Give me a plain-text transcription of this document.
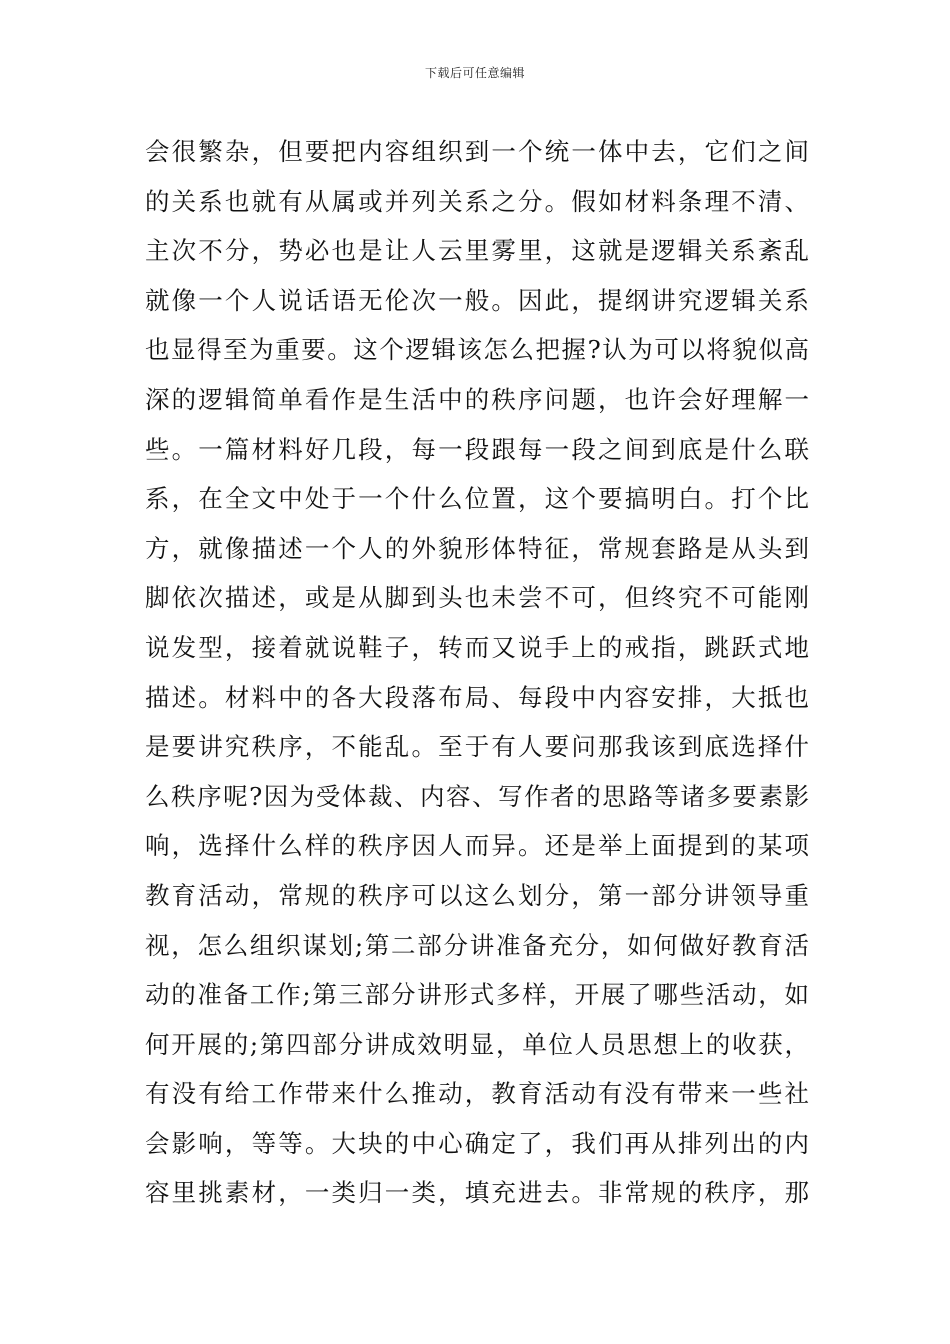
下载后可任意编辑
会很繁杂，但要把内容组织到一个统一体中去，它们之间
的关系也就有从属或并列关系之分。假如材料条理不清、
主次不分，势必也是让人云里雾里，这就是逻辑关系紊乱
就像一个人说话语无伦次一般。因此，提纲讲究逻辑关系
也显得至为重要。这个逻辑该怎么把握?认为可以将貌似高
深的逻辑简单看作是生活中的秩序问题，也许会好理解一
些。一篇材料好几段，每一段跟每一段之间到底是什么联
系，在全文中处于一个什么位置，这个要搞明白。打个比
方，就像描述一个人的外貌形体特征，常规套路是从头到
脚依次描述，或是从脚到头也未尝不可，但终究不可能刚
说发型，接着就说鞋子，转而又说手上的戒指，跳跃式地
描述。材料中的各大段落布局、每段中内容安排，大抵也
是要讲究秩序，不能乱。至于有人要问那我该到底选择什
么秩序呢?因为受体裁、内容、写作者的思路等诸多要素影
响，选择什么样的秩序因人而异。还是举上面提到的某项
教育活动，常规的秩序可以这么划分，第一部分讲领导重
视，怎么组织谋划;第二部分讲准备充分，如何做好教育活
动的准备工作;第三部分讲形式多样，开展了哪些活动，如
何开展的;第四部分讲成效明显，单位人员思想上的收获，
有没有给工作带来什么推动，教育活动有没有带来一些社
会影响，等等。大块的中心确定了，我们再从排列出的内
容里挑素材，一类归一类，填充进去。非常规的秩序，那
